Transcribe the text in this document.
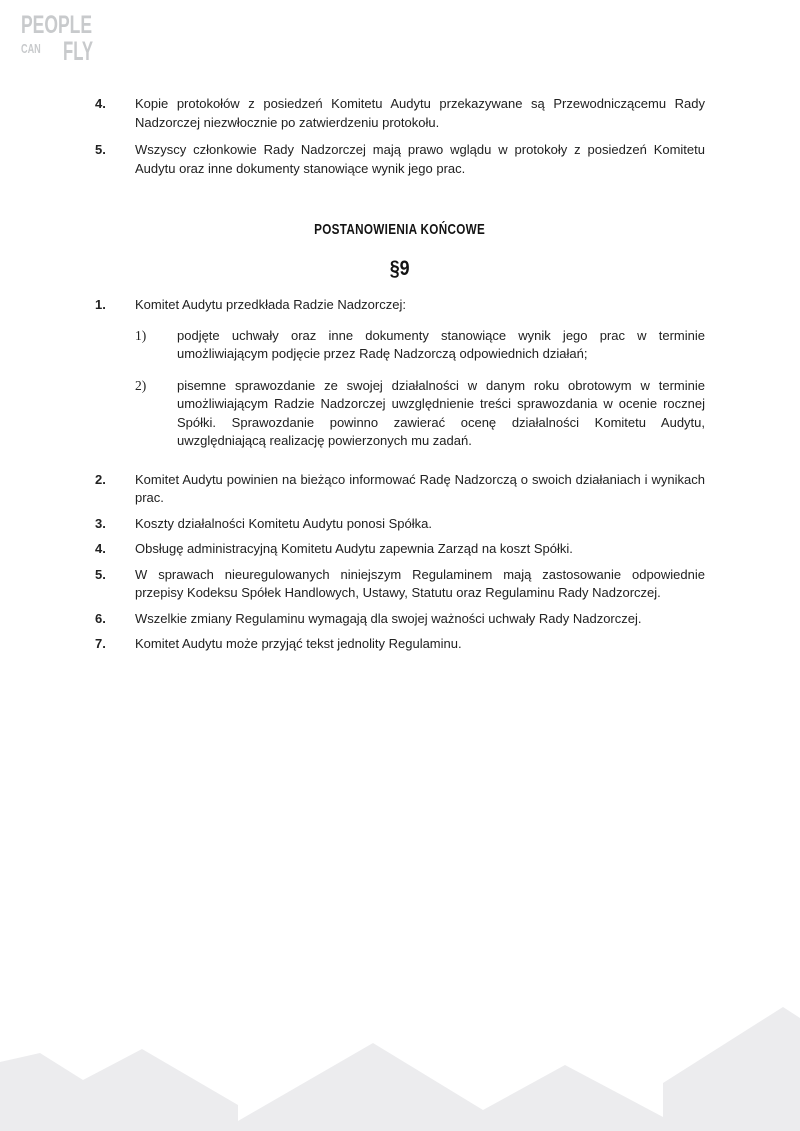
PEOPLE
CAN FLY
4.	Kopie protokołów z posiedzeń Komitetu Audytu przekazywane są Przewodniczącemu Rady Nadzorczej niezwłocznie po zatwierdzeniu protokołu.

5.	Wszyscy członkowie Rady Nadzorczej mają prawo wglądu w protokoły z posiedzeń Komitetu Audytu oraz inne dokumenty stanowiące wynik jego prac.

POSTANOWIENIA KOŃCOWE
§9
1.	Komitet Audytu przedkłada Radzie Nadzorczej:

1)	podjęte uchwały oraz inne dokumenty stanowiące wynik jego prac w terminie umożliwiającym podjęcie przez Radę Nadzorczą odpowiednich działań;

2)	pisemne sprawozdanie ze swojej działalności w danym roku obrotowym w terminie umożliwiającym Radzie Nadzorczej uwzględnienie treści sprawozdania w ocenie rocznej Spółki. Sprawozdanie powinno zawierać ocenę działalności Komitetu Audytu, uwzględniającą realizację powierzonych mu zadań.

2.	Komitet Audytu powinien na bieżąco informować Radę Nadzorczą o swoich działaniach i wynikach prac.

3.	Koszty działalności Komitetu Audytu ponosi Spółka.

4.	Obsługę administracyjną Komitetu Audytu zapewnia Zarząd na koszt Spółki.

5.	W sprawach nieuregulowanych niniejszym Regulaminem mają zastosowanie odpowiednie przepisy Kodeksu Spółek Handlowych, Ustawy, Statutu oraz Regulaminu Rady Nadzorczej.

6.	Wszelkie zmiany Regulaminu wymagają dla swojej ważności uchwały Rady Nadzorczej.

7.	Komitet Audytu może przyjąć tekst jednolity Regulaminu.
